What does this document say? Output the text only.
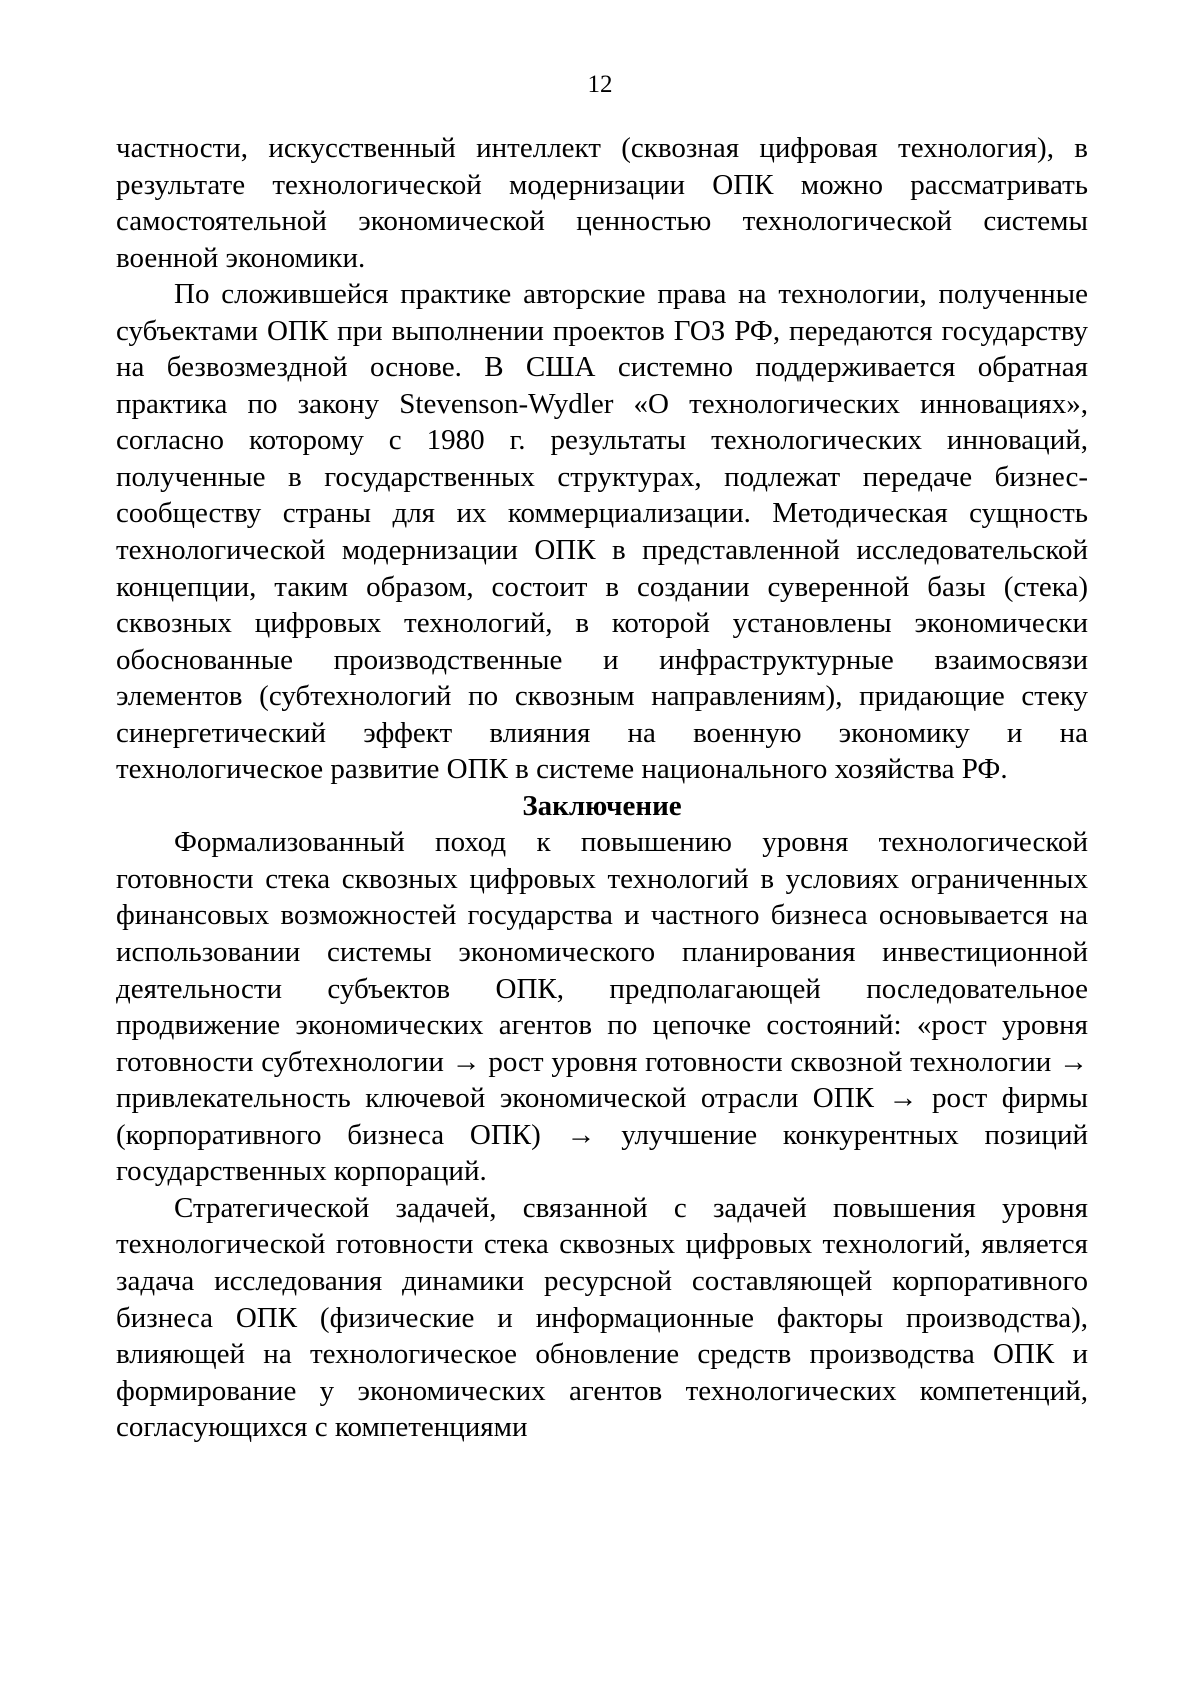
12

частности, искусственный интеллект (сквозная цифровая технология), в результате технологической модернизации ОПК можно рассматривать самостоятельной экономической ценностью технологической системы военной экономики.

По сложившейся практике авторские права на технологии, полученные субъектами ОПК при выполнении проектов ГОЗ РФ, передаются государству на безвозмездной основе. В США системно поддерживается обратная практика по закону Stevenson-Wydler «О технологических инновациях», согласно которому с 1980 г. результаты технологических инноваций, полученные в государственных структурах, подлежат передаче бизнес-сообществу страны для их коммерциализации. Методическая сущность технологической модернизации ОПК в представленной исследовательской концепции, таким образом, состоит в создании суверенной базы (стека) сквозных цифровых технологий, в которой установлены экономически обоснованные производственные и инфраструктурные взаимосвязи элементов (субтехнологий по сквозным направлениям), придающие стеку синергетический эффект влияния на военную экономику и на технологическое развитие ОПК в системе национального хозяйства РФ.

Заключение

Формализованный поход к повышению уровня технологической готовности стека сквозных цифровых технологий в условиях ограниченных финансовых возможностей государства и частного бизнеса основывается на использовании системы экономического планирования инвестиционной деятельности субъектов ОПК, предполагающей последовательное продвижение экономических агентов по цепочке состояний: «рост уровня готовности субтехнологии → рост уровня готовности сквозной технологии → привлекательность ключевой экономической отрасли ОПК → рост фирмы (корпоративного бизнеса ОПК) → улучшение конкурентных позиций государственных корпораций.

Стратегической задачей, связанной с задачей повышения уровня технологической готовности стека сквозных цифровых технологий, является задача исследования динамики ресурсной составляющей корпоративного бизнеса ОПК (физические и информационные факторы производства), влияющей на технологическое обновление средств производства ОПК и формирование у экономических агентов технологических компетенций, согласующихся с компетенциями
